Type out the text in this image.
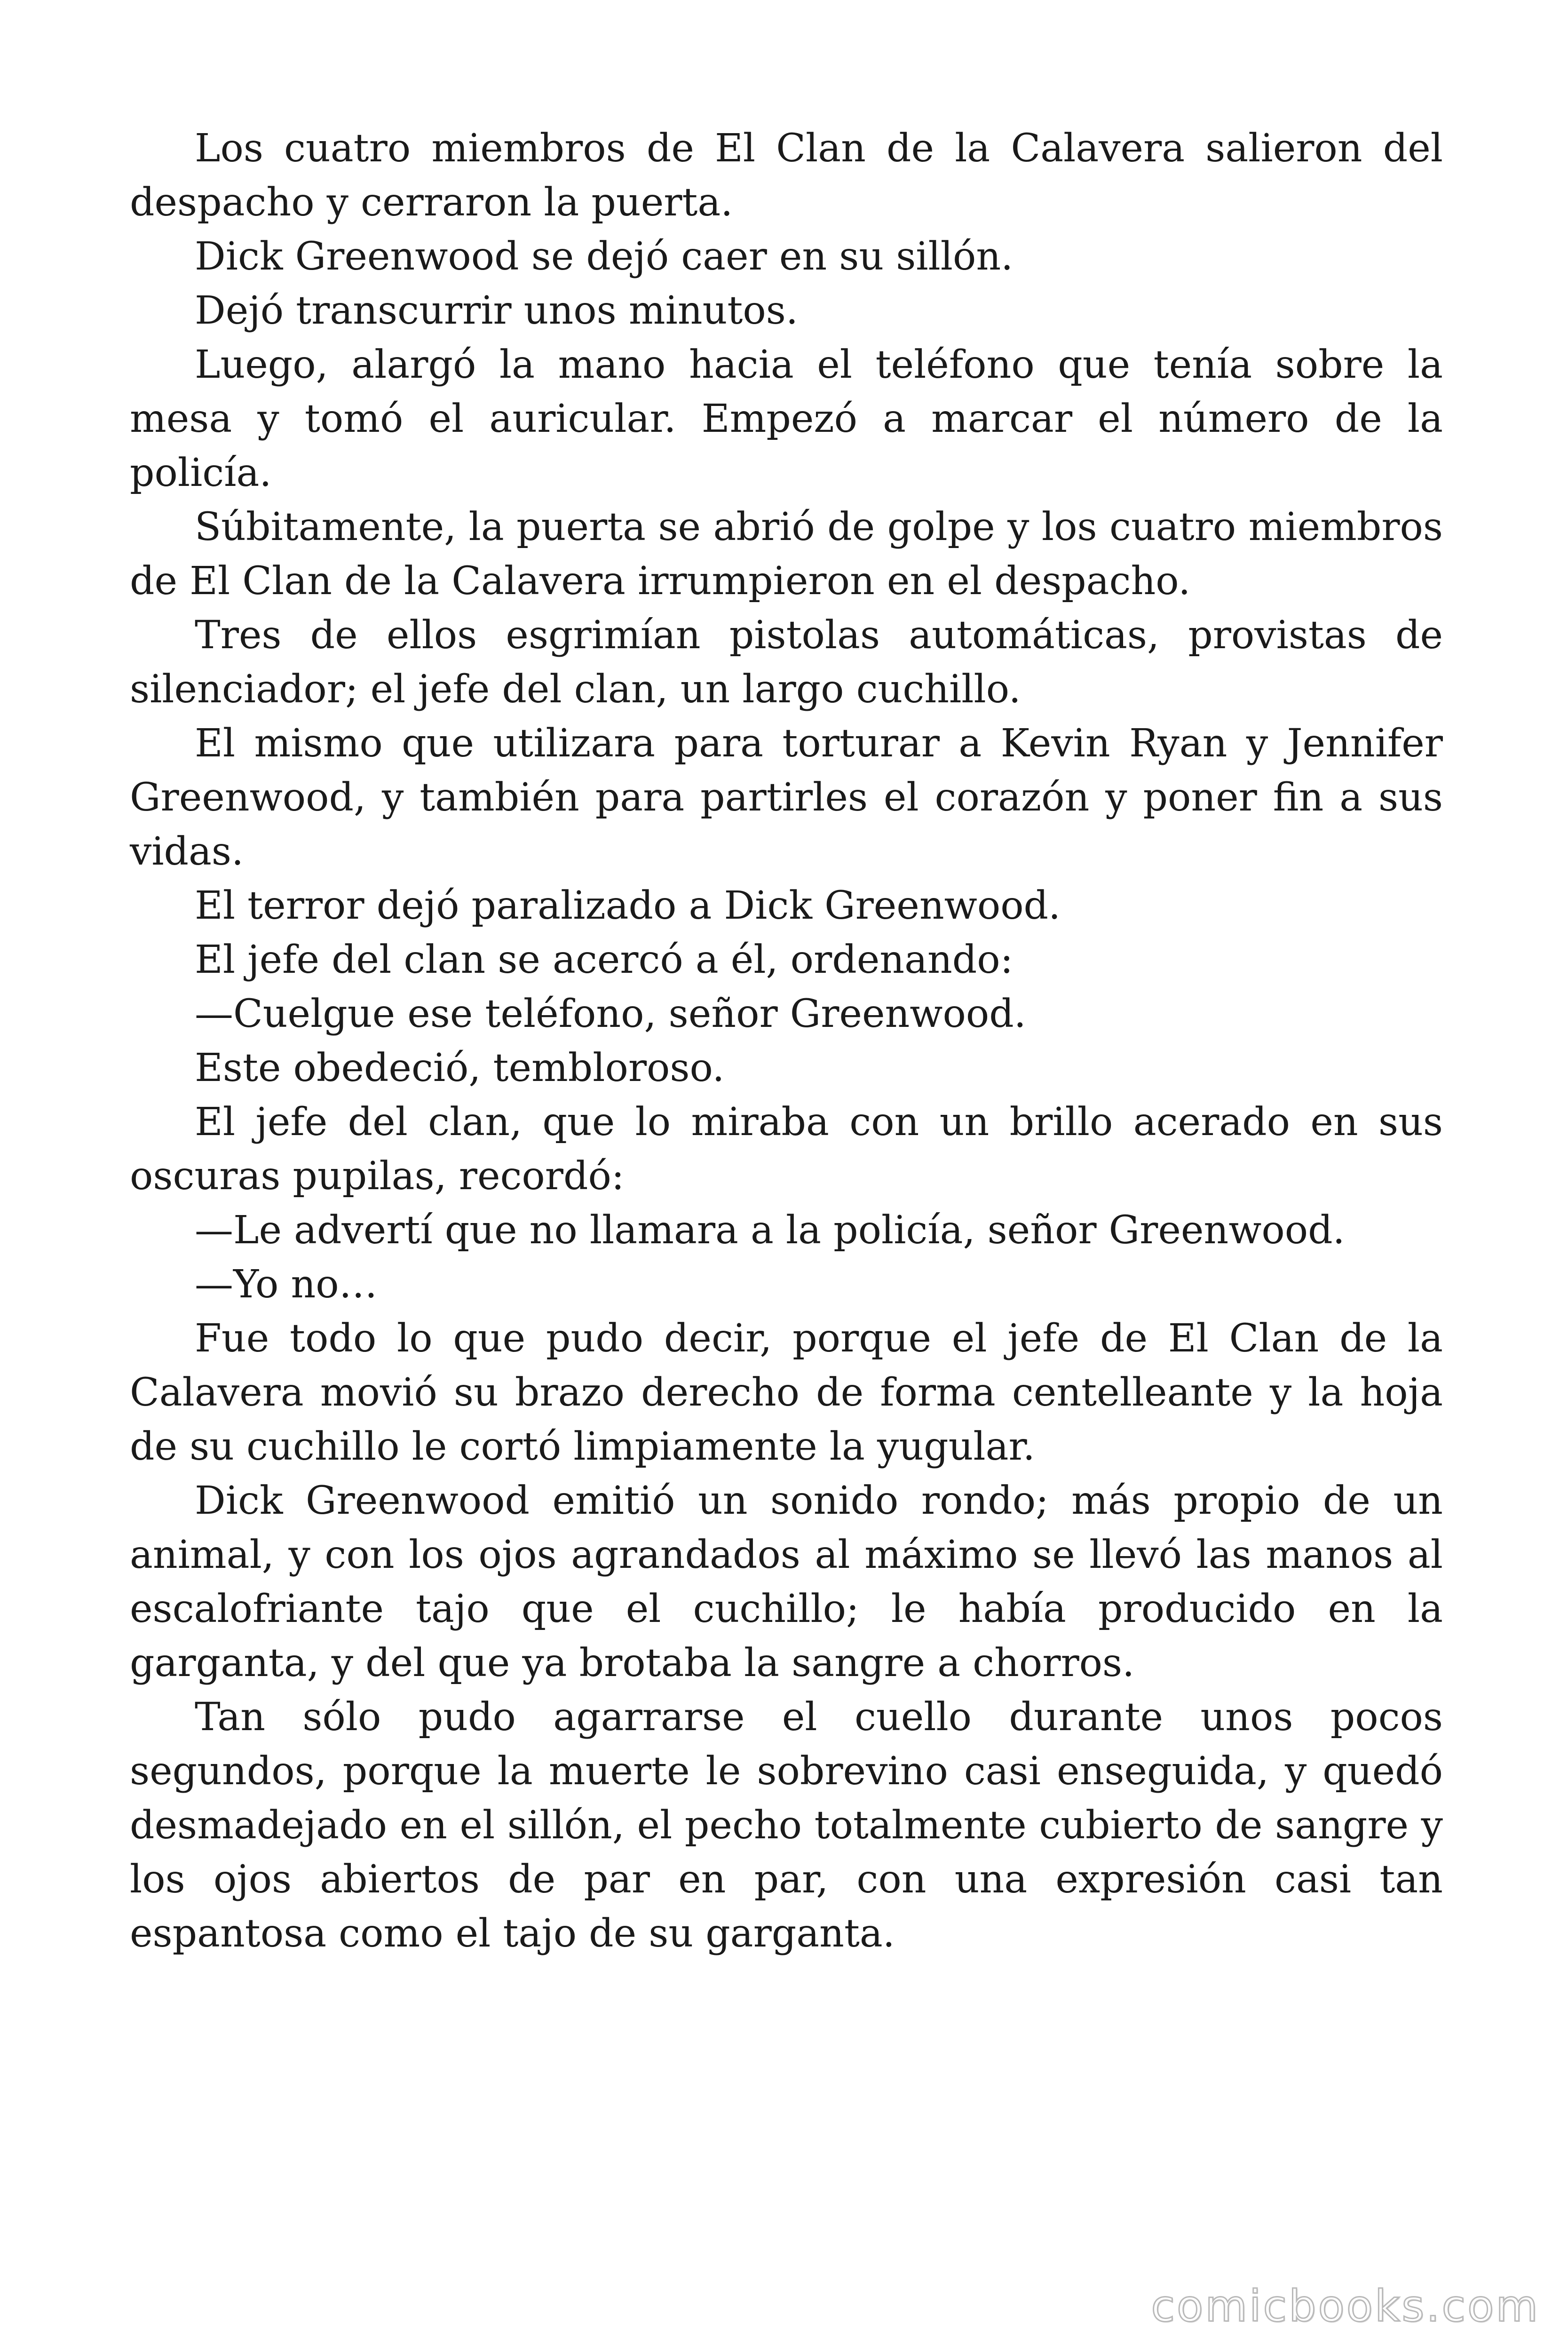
Los cuatro miembros de El Clan de la Calavera salieron del despacho y cerraron la puerta.

Dick Greenwood se dejó caer en su sillón.

Dejó transcurrir unos minutos.

Luego, alargó la mano hacia el teléfono que tenía sobre la mesa y tomó el auricular. Empezó a marcar el número de la policía.

Súbitamente, la puerta se abrió de golpe y los cuatro miembros de El Clan de la Calavera irrumpieron en el despacho.

Tres de ellos esgrimían pistolas automáticas, provistas de silenciador; el jefe del clan, un largo cuchillo.

El mismo que utilizara para torturar a Kevin Ryan y Jennifer Greenwood, y también para partirles el corazón y poner fin a sus vidas.

El terror dejó paralizado a Dick Greenwood.

El jefe del clan se acercó a él, ordenando:

—Cuelgue ese teléfono, señor Greenwood.

Este obedeció, tembloroso.

El jefe del clan, que lo miraba con un brillo acerado en sus oscuras pupilas, recordó:

—Le advertí que no llamara a la policía, señor Greenwood.

—Yo no…

Fue todo lo que pudo decir, porque el jefe de El Clan de la Calavera movió su brazo derecho de forma centelleante y la hoja de su cuchillo le cortó limpiamente la yugular.

Dick Greenwood emitió un sonido rondo; más propio de un animal, y con los ojos agrandados al máximo se llevó las manos al escalofriante tajo que el cuchillo; le había producido en la garganta, y del que ya brotaba la sangre a chorros.

Tan sólo pudo agarrarse el cuello durante unos pocos segundos, porque la muerte le sobrevino casi enseguida, y quedó desmadejado en el sillón, el pecho totalmente cubierto de sangre y los ojos abiertos de par en par, con una expresión casi tan espantosa como el tajo de su garganta.

comicbooks.com
